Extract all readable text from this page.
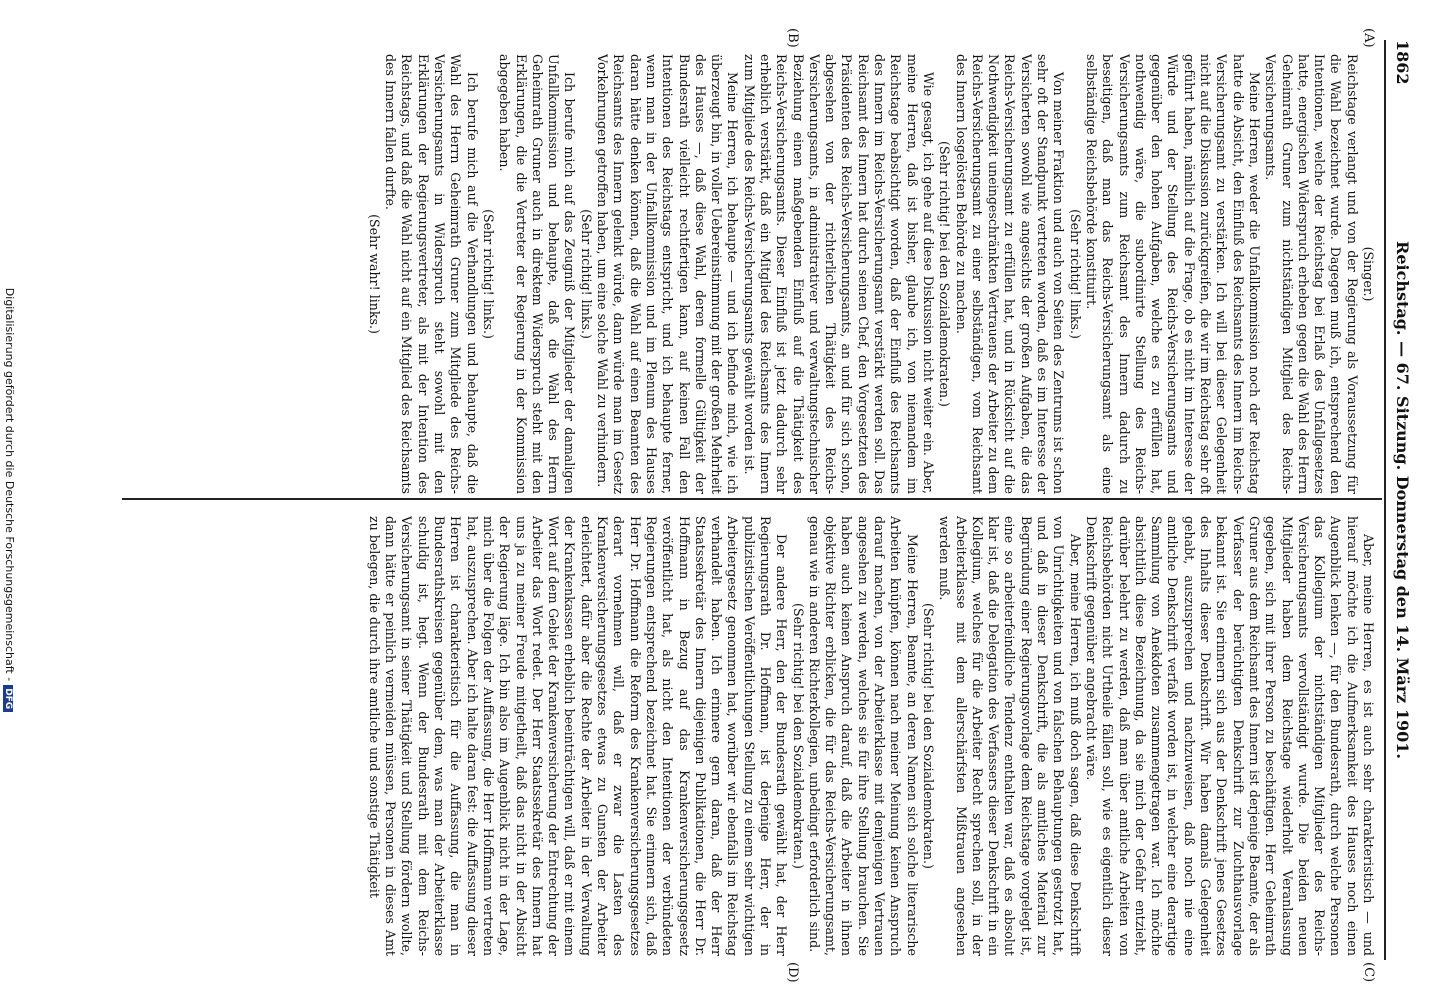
1862
Reichstag. — 67. Sitzung. Donnerstag den 14. März 1901.
(A)
(B)
(C)
(D)

(Singer.)

Reichstage verlangt und von der Regierung als Voraussetzung für die Wahl bezeichnet wurde. Dagegen muß ich, entsprechend den Intentionen, welche der Reichstag bei Erlaß des Unfallgesetzes hatte, energischen Widerspruch erheben gegen die Wahl des Herrn Geheimrath Gruner zum nichtständigen Mitglied des Reichs-Versicherungsamts.

Meine Herren, weder die Unfallkommission noch der Reichstag hatte die Absicht, den Einfluß des Reichsamts des Innern im Reichs-Versicherungsamt zu verstärken. Ich will bei dieser Gelegenheit nicht auf die Diskussion zurückgreifen, die wir im Reichstag sehr oft geführt haben, nämlich auf die Frage, ob es nicht im Interesse der Würde und der Stellung des Reichs-Versicherungsamts und gegenüber den hohen Aufgaben, welche es zu erfüllen hat, nothwendig wäre, die subordinirte Stellung des Reichs-Versicherungsamts zum Reichsamt des Innern dadurch zu beseitigen, daß man das Reichs-Versicherungsamt als eine selbständige Reichsbehörde konstituirt.

(Sehr richtig! links.)

Von meiner Fraktion und auch von Seiten des Zentrums ist schon sehr oft der Standpunkt vertreten worden, daß es im Interesse der Versicherten sowohl wie angesichts der großen Aufgaben, die das Reichs-Versicherungsamt zu erfüllen hat, und in Rücksicht auf die Nothwendigkeit uneingeschränkten Vertrauens der Arbeiter zu dem Reichs-Versicherungsamt zu einer selbständigen, vom Reichsamt des Innern losgelösten Behörde zu machen.

(Sehr richtig! bei den Sozialdemokraten.)

Wie gesagt, ich gehe auf diese Diskussion nicht weiter ein. Aber, meine Herren, daß ist bisher, glaube ich, von niemandem im Reichstage beabsichtigt worden, daß der Einfluß des Reichsamts des Innern im Reichs-Versicherungsamt verstärkt werden soll. Das Reichsamt des Innern hat durch seinen Chef, den Vorgesetzten des Präsidenten des Reichs-Versicherungsamts, an und für sich schon, abgesehen von der richterlichen Thätigkeit des Reichs-Versicherungsamts, in administrativer und verwaltungstechnischer Beziehung einen maßgebenden Einfluß auf die Thätigkeit des Reichs-Versicherungsamts. Dieser Einfluß ist jetzt dadurch sehr erheblich verstärkt, daß ein Mitglied des Reichsamts des Innern zum Mitgliede des Reichs-Versicherungsamts gewählt worden ist.

Meine Herren, ich behaupte — und ich befinde mich, wie ich überzeugt bin, in voller Uebereinstimmung mit der großen Mehrheit des Hauses —, daß diese Wahl, deren formelle Gültigkeit der Bundesrath vielleicht rechtfertigen kann, auf keinen Fall den Intentionen des Reichstags entspricht, und ich behaupte ferner, wenn man in der Unfallkommission und im Plenum des Hauses daran hätte denken können, daß die Wahl auf einen Beamten des Reichsamts des Innern gelenkt würde, dann würde man im Gesetz Vorkehrungen getroffen haben, um eine solche Wahl zu verhindern.

(Sehr richtig! links.)

Ich berufe mich auf das Zeugniß der Mitglieder der damaligen Unfallkommission und behaupte, daß die Wahl des Herrn Geheimrath Gruner auch in direktem Widerspruch steht mit den Erklärungen, die die Vertreter der Regierung in der Kommission abgegeben haben.

(Sehr richtig! links.)

Ich berufe mich auf die Verhandlungen und behaupte, daß die Wahl des Herrn Geheimrath Gruner zum Mitgliede des Reichs-Versicherungsamts in Widerspruch steht sowohl mit den Erklärungen der Regierungsvertreter, als mit der Intention des Reichstags, und daß die Wahl nicht auf ein Mitglied des Reichsamts des Innern fallen durfte.

(Sehr wahr! links.)

Aber, meine Herren, es ist auch sehr charakteristisch — und hierauf möchte ich die Aufmerksamkeit des Hauses noch einen Augenblick lenken —, für den Bundesrath, durch welche Personen das Kollegium der nichtständigen Mitglieder des Reichs-Versicherungsamts vervollständigt wurde. Die beiden neuen Mitglieder haben dem Reichstage wiederholt Veranlassung gegeben, sich mit ihrer Person zu beschäftigen. Herr Geheimrath Gruner aus dem Reichsamt des Innern ist derjenige Beamte, der als Verfasser der berüchtigten Denkschrift zur Zuchthausvorlage bekannt ist. Sie erinnern sich aus der Denkschrift jenes Gesetzes des Inhalts dieser Denkschrift. Wir haben damals Gelegenheit gehabt, auszusprechen und nachzuweisen, daß noch nie eine amtliche Denkschrift verfaßt worden ist, in welcher eine derartige Sammlung von Anekdoten zusammengetragen war. Ich möchte absichtlich diese Bezeichnung, da sie mich der Gefahr entzieht, darüber belehrt zu werden, daß man über amtliche Arbeiten von Reichsbehörden nicht Urtheile fällen soll, wie es eigentlich dieser Denkschrift gegenüber angebracht wäre.

Aber, meine Herren, ich muß doch sagen, daß diese Denkschrift von Unrichtigkeiten und von falschen Behauptungen gestrotzt hat, und daß in dieser Denkschrift, die als amtliches Material zur Begründung einer Regierungsvorlage dem Reichstage vorgelegt ist, eine so arbeiterfeindliche Tendenz enthalten war, daß es absolut klar ist, daß die Delegation des Verfassers dieser Denkschrift in ein Kollegium, welches für die Arbeiter Recht sprechen soll, in der Arbeiterklasse mit dem allerschärfsten Mißtrauen angesehen werden muß.

(Sehr richtig! bei den Sozialdemokraten.)

Meine Herren, Beamte, an deren Namen sich solche literarische Arbeiten knüpfen, können nach meiner Meinung keinen Anspruch darauf machen, von der Arbeiterklasse mit demjenigen Vertrauen angesehen zu werden, welches sie für ihre Stellung brauchen. Sie haben auch keinen Anspruch darauf, daß die Arbeiter in ihnen objektive Richter erblicken, die für das Reichs-Versicherungsamt, genau wie in anderen Richterkollegien, unbedingt erforderlich sind.

(Sehr richtig! bei den Sozialdemokraten.)

Der andere Herr, den der Bundesrath gewählt hat, der Herr Regierungsrath Dr. Hoffmann, ist derjenige Herr, der in publizistischen Veröffentlichungen Stellung zu einem sehr wichtigen Arbeitergesetz genommen hat, worüber wir ebenfalls im Reichstag verhandelt haben. Ich erinnere gern daran, daß der Herr Staatssekretär des Innern diejenigen Publikationen, die Herr Dr. Hoffmann in Bezug auf das Krankenversicherungsgesetz veröffentlicht hat, als nicht den Intentionen der verbündeten Regierungen entsprechend bezeichnet hat. Sie erinnern sich, daß Herr Dr. Hoffmann die Reform des Krankenversicherungsgesetzes derart vornehmen will, daß er zwar die Lasten des Krankenversicherungsgesetzes etwas zu Gunsten der Arbeiter erleichtert, dafür aber die Rechte der Arbeiter in der Verwaltung der Krankenkassen erheblich beeinträchtigen will, daß er mit einem Wort auf dem Gebiet der Krankenversicherung der Entrechtung der Arbeiter das Wort redet. Der Herr Staatssekretär des Innern hat uns ja zu meiner Freude mitgetheilt, daß das nicht in der Absicht der Regierung läge. Ich bin also im Augenblick nicht in der Lage, mich über die Folgen der Auffassung, die Herr Hoffmann vertreten hat, auszusprechen. Aber ich halte daran fest: die Auffassung dieser Herren ist charakteristisch für die Auffassung, die man in Bundesrathskreisen gegenüber dem, was man der Arbeiterklasse schuldig ist, hegt. Wenn der Bundesrath mit dem Reichs-Versicherungsamt in seiner Thätigkeit und Stellung fördern wollte, dann hätte er peinlich vermeiden müssen, Personen in dieses Amt zu belegen, die durch ihre amtliche und sonstige Thätigkeit

Digitalisierung gefördert durch die Deutsche Forschungsgemeinschaft -DFG
